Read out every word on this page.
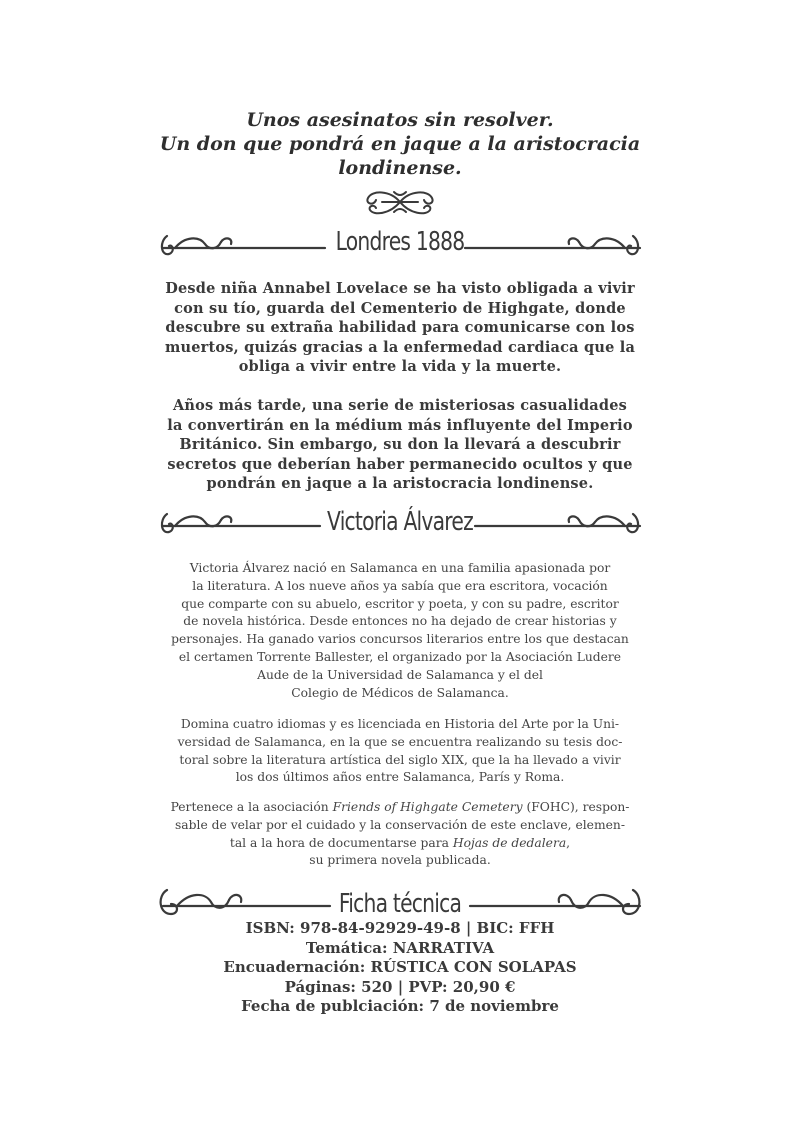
Unos asesinatos sin resolver.
Un don que pondrá en jaque a la aristocracia
londinense.
Londres 1888
Desde niña Annabel Lovelace se ha visto obligada a vivir
con su tío, guarda del Cementerio de Highgate, donde
descubre su extraña habilidad para comunicarse con los
muertos, quizás gracias a la enfermedad cardiaca que la
obliga a vivir entre la vida y la muerte.
Años más tarde, una serie de misteriosas casualidades
la convertirán en la médium más influyente del Imperio
Británico. Sin embargo, su don la llevará a descubrir
secretos que deberían haber permanecido ocultos y que
pondrán en jaque a la aristocracia londinense.
Victoria Álvarez
Victoria Álvarez nació en Salamanca en una familia apasionada por
la literatura. A los nueve años ya sabía que era escritora, vocación
que comparte con su abuelo, escritor y poeta, y con su padre, escritor
de novela histórica. Desde entonces no ha dejado de crear historias y
personajes. Ha ganado varios concursos literarios entre los que destacan
el certamen Torrente Ballester, el organizado por la Asociación Ludere
Aude de la Universidad de Salamanca y el del
Colegio de Médicos de Salamanca.
Domina cuatro idiomas y es licenciada en Historia del Arte por la Uni-
versidad de Salamanca, en la que se encuentra realizando su tesis doc-
toral sobre la literatura artística del siglo XIX, que la ha llevado a vivir
los dos últimos años entre Salamanca, París y Roma.
Pertenece a la asociación Friends of Highgate Cemetery (FOHC), respon-
sable de velar por el cuidado y la conservación de este enclave, elemen-
tal a la hora de documentarse para Hojas de dedalera,
su primera novela publicada.
Ficha técnica
ISBN: 978-84-92929-49-8 | BIC: FFH
Temática: NARRATIVA
Encuadernación: RÚSTICA CON SOLAPAS
Páginas: 520 | PVP: 20,90 €
Fecha de publciación: 7 de noviembre
